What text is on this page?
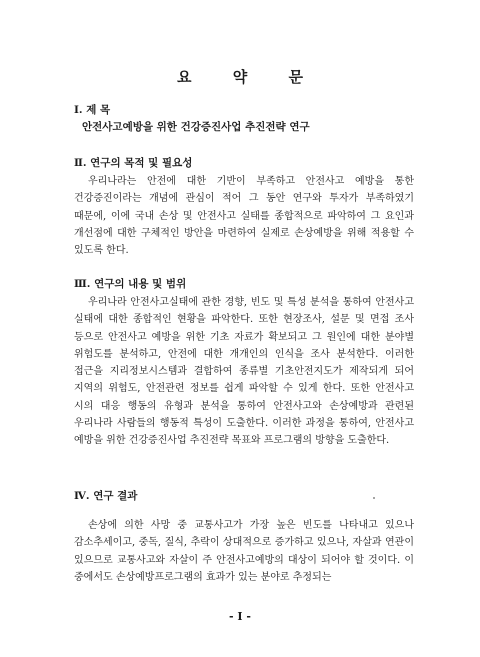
요 약 문

Ⅰ. 제 목

안전사고예방을 위한 건강증진사업 추진전략 연구

Ⅱ. 연구의 목적 및 필요성

우리나라는 안전에 대한 기반이 부족하고 안전사고 예방을 통한 건강증진이라는 개념에 관심이 적어 그 동안 연구와 투자가 부족하였기 때문에, 이에 국내 손상 및 안전사고 실태를 종합적으로 파악하여 그 요인과 개선점에 대한 구체적인 방안을 마련하여 실제로 손상예방을 위해 적용할 수 있도록 한다.

Ⅲ. 연구의 내용 및 범위

우리나라 안전사고실태에 관한 경향, 빈도 및 특성 분석을 통하여 안전사고 실태에 대한 종합적인 현황을 파악한다. 또한 현장조사, 설문 및 면접 조사 등으로 안전사고 예방을 위한 기초 자료가 확보되고 그 원인에 대한 분야별 위험도를 분석하고, 안전에 대한 개개인의 인식을 조사 분석한다. 이러한 접근을 지리정보시스템과 결합하여 종류별 기초안전지도가 제작되게 되어 지역의 위험도, 안전관련 정보를 쉽게 파악할 수 있게 한다. 또한 안전사고 시의 대응 행동의 유형과 분석을 통하여 안전사고와 손상예방과 관련된 우리나라 사람들의 행동적 특성이 도출한다. 이러한 과정을 통하여, 안전사고 예방을 위한 건강증진사업 추진전략 목표와 프로그램의 방향을 도출한다.

Ⅳ. 연구 결과

손상에 의한 사망 중 교통사고가 가장 높은 빈도를 나타내고 있으나 감소추세이고, 중독, 질식, 추락이 상대적으로 증가하고 있으나, 자살과 연관이 있으므로 교통사고와 자살이 주 안전사고예방의 대상이 되어야 할 것이다. 이 중에서도 손상예방프로그램의 효과가 있는 분야로 추정되는

- I -
